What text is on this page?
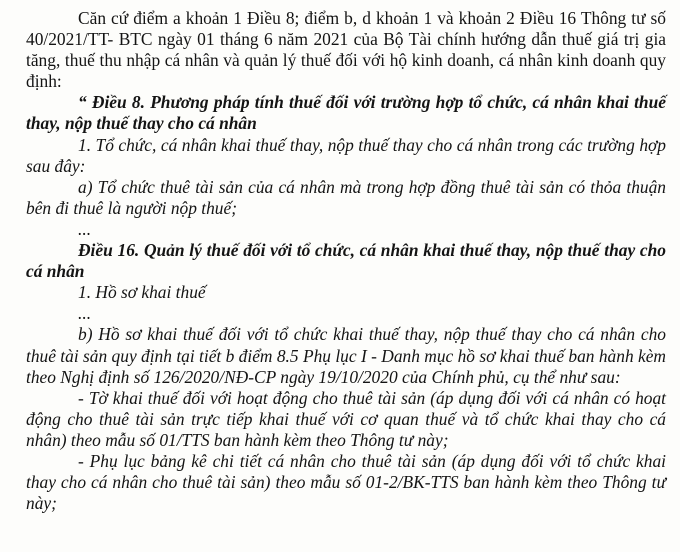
Căn cứ điểm a khoản 1 Điều 8; điểm b, d khoản 1 và khoản 2 Điều 16 Thông tư số 40/2021/TT- BTC ngày 01 tháng 6 năm 2021 của Bộ Tài chính hướng dẫn thuế giá trị gia tăng, thuế thu nhập cá nhân và quản lý thuế đối với hộ kinh doanh, cá nhân kinh doanh quy định:

“ Điều 8. Phương pháp tính thuế đối với trường hợp tổ chức, cá nhân khai thuế thay, nộp thuế thay cho cá nhân

1. Tổ chức, cá nhân khai thuế thay, nộp thuế thay cho cá nhân trong các trường hợp sau đây:

a) Tổ chức thuê tài sản của cá nhân mà trong hợp đồng thuê tài sản có thỏa thuận bên đi thuê là người nộp thuế;

...

Điều 16. Quản lý thuế đối với tổ chức, cá nhân khai thuế thay, nộp thuế thay cho cá nhân

1. Hồ sơ khai thuế

...

b) Hồ sơ khai thuế đối với tổ chức khai thuế thay, nộp thuế thay cho cá nhân cho thuê tài sản quy định tại tiết b điểm 8.5 Phụ lục I - Danh mục hồ sơ khai thuế ban hành kèm theo Nghị định số 126/2020/NĐ-CP ngày 19/10/2020 của Chính phủ, cụ thể như sau:

- Tờ khai thuế đối với hoạt động cho thuê tài sản (áp dụng đối với cá nhân có hoạt động cho thuê tài sản trực tiếp khai thuế với cơ quan thuế và tổ chức khai thay cho cá nhân) theo mẫu số 01/TTS ban hành kèm theo Thông tư này;

- Phụ lục bảng kê chi tiết cá nhân cho thuê tài sản (áp dụng đối với tổ chức khai thay cho cá nhân cho thuê tài sản) theo mẫu số 01-2/BK-TTS ban hành kèm theo Thông tư này;
